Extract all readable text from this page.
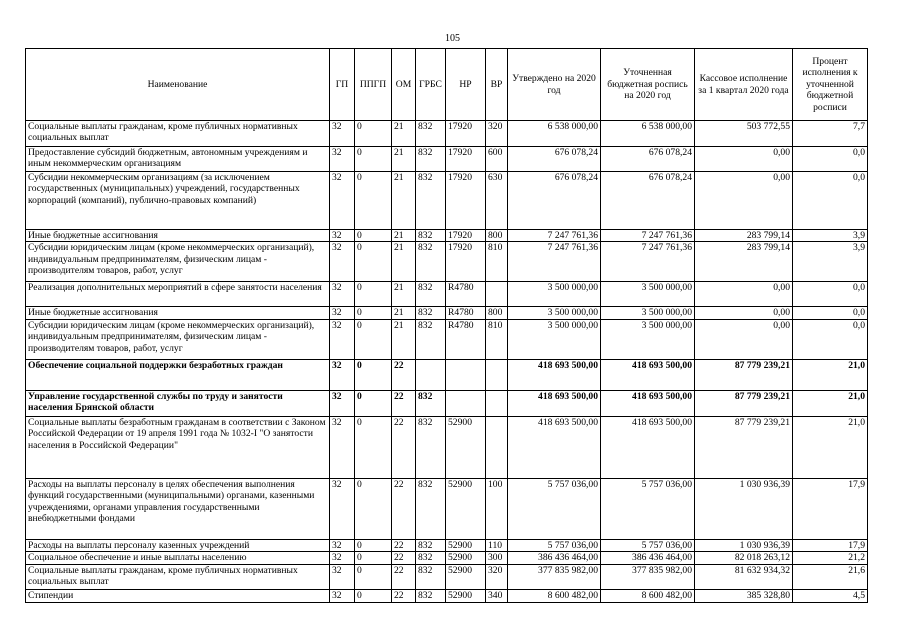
105
Наименование	ГП	ППГП	ОМ	ГРБС	НР	ВР	Утверждено на 2020 год	Уточненная бюджетная роспись на 2020 год	Кассовое исполнение за 1 квартал 2020 года	Процент исполнения к уточненной бюджетной росписи
Социальные выплаты гражданам, кроме публичных нормативных социальных выплат	32	0	21	832	17920	320	6 538 000,00	6 538 000,00	503 772,55	7,7
Предоставление субсидий бюджетным, автономным учреждениям и иным некоммерческим организациям	32	0	21	832	17920	600	676 078,24	676 078,24	0,00	0,0
Субсидии некоммерческим организациям (за исключением государственных (муниципальных) учреждений, государственных корпораций (компаний), публично-правовых компаний)	32	0	21	832	17920	630	676 078,24	676 078,24	0,00	0,0
Иные бюджетные ассигнования	32	0	21	832	17920	800	7 247 761,36	7 247 761,36	283 799,14	3,9
Субсидии юридическим лицам (кроме некоммерческих организаций), индивидуальным предпринимателям, физическим лицам - производителям товаров, работ, услуг	32	0	21	832	17920	810	7 247 761,36	7 247 761,36	283 799,14	3,9
Реализация дополнительных мероприятий в сфере занятости населения	32	0	21	832	R4780		3 500 000,00	3 500 000,00	0,00	0,0
Иные бюджетные ассигнования	32	0	21	832	R4780	800	3 500 000,00	3 500 000,00	0,00	0,0
Субсидии юридическим лицам (кроме некоммерческих организаций), индивидуальным предпринимателям, физическим лицам - производителям товаров, работ, услуг	32	0	21	832	R4780	810	3 500 000,00	3 500 000,00	0,00	0,0
Обеспечение социальной поддержки безработных граждан	32	0	22				418 693 500,00	418 693 500,00	87 779 239,21	21,0
Управление государственной службы по труду и занятости населения Брянской области	32	0	22	832			418 693 500,00	418 693 500,00	87 779 239,21	21,0
Социальные выплаты безработным гражданам в соответствии с Законом Российской Федерации от 19 апреля 1991 года № 1032-I "О занятости населения в Российской Федерации"	32	0	22	832	52900		418 693 500,00	418 693 500,00	87 779 239,21	21,0
Расходы на выплаты персоналу в целях обеспечения выполнения функций государственными (муниципальными) органами, казенными учреждениями, органами управления государственными внебюджетными фондами	32	0	22	832	52900	100	5 757 036,00	5 757 036,00	1 030 936,39	17,9
Расходы на выплаты персоналу казенных учреждений	32	0	22	832	52900	110	5 757 036,00	5 757 036,00	1 030 936,39	17,9
Социальное обеспечение и иные выплаты населению	32	0	22	832	52900	300	386 436 464,00	386 436 464,00	82 018 263,12	21,2
Социальные выплаты гражданам, кроме публичных нормативных социальных выплат	32	0	22	832	52900	320	377 835 982,00	377 835 982,00	81 632 934,32	21,6
Стипендии	32	0	22	832	52900	340	8 600 482,00	8 600 482,00	385 328,80	4,5
